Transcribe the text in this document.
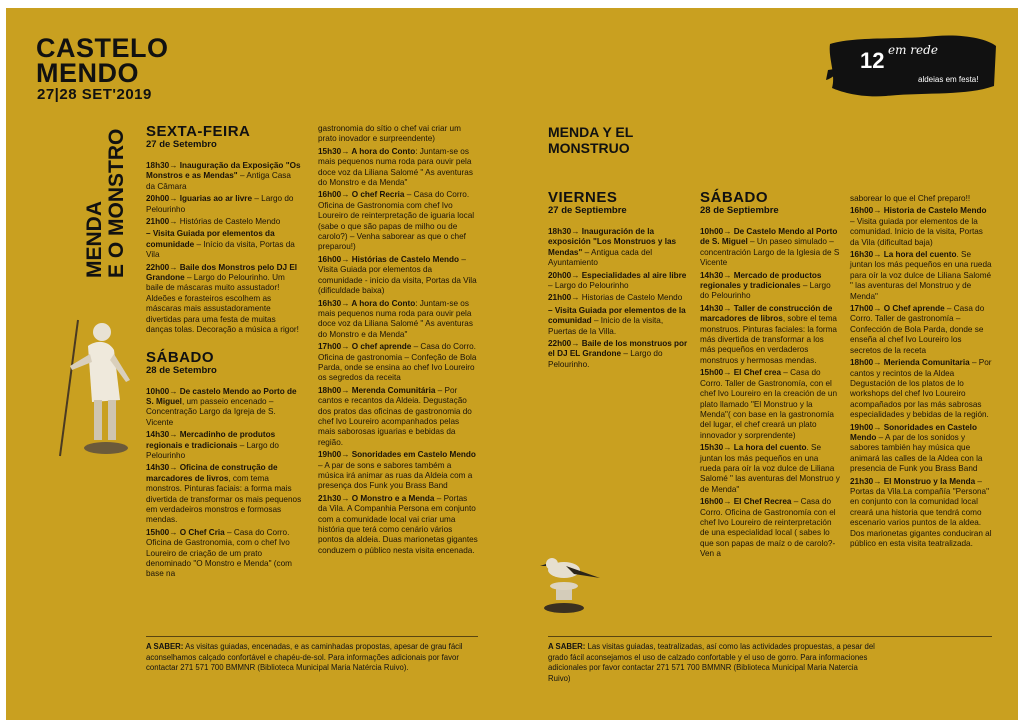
CASTELO
MENDO
27|28 SET'2019
12 em rede
aldeias em festa!
MENDA E O MONSTRO SEXTA-FEIRA
27 de Setembro

18h30→ Inauguração da Exposição "Os Monstros e as Mendas" – Antiga Casa da Câmara

20h00→ Iguarias ao ar livre – Largo do Pelourinho

21h00→ Histórias de Castelo Mendo

– Visita Guiada por elementos da comunidade – Início da visita, Portas da Vila

22h00→ Baile dos Monstros pelo DJ El Grandone – Largo do Pelourinho. Um baile de máscaras muito assustador! Aldeões e forasteiros escolhem as máscaras mais assustadoramente divertidas para uma festa de muitas danças tolas. Decoração a música a rigor!

SÁBADO
28 de Setembro

10h00→ De castelo Mendo ao Porto de S. Miguel, um passeio encenado – Concentração Largo da Igreja de S. Vicente

14h30→ Mercadinho de produtos regionais e tradicionais – Largo do Pelourinho

14h30→ Oficina de construção de marcadores de livros, com tema monstros. Pinturas faciais: a forma mais divertida de transformar os mais pequenos em verdadeiros monstros e formosas mendas.

15h00→ O Chef Cria – Casa do Corro. Oficina de Gastronomia, com o chef Ivo Loureiro de criação de um prato denominado "O Monstro e Menda" (com base na

gastronomia do sítio o chef vai criar um prato inovador e surpreendente)

15h30→ A hora do Conto: Juntam-se os mais pequenos numa roda para ouvir pela doce voz da Liliana Salomé " As aventuras do Monstro e da Menda"

16h00→ O chef Recria – Casa do Corro. Oficina de Gastronomia com chef Ivo Loureiro de reinterpretação de iguaria local (sabe o que são papas de milho ou de carolo?) – Venha saborear as que o chef preparou!)

16h00→ Histórias de Castelo Mendo – Visita Guiada por elementos da comunidade - início da visita, Portas da Vila (dificuldade baixa)

16h30→ A hora do Conto: Juntam-se os mais pequenos numa roda para ouvir pela doce voz da Liliana Salomé " As aventuras do Monstro e da Menda"

17h00→ O chef aprende – Casa do Corro. Oficina de gastronomia – Confeção de Bola Parda, onde se ensina ao chef Ivo Loureiro os segredos da receita

18h00→ Merenda Comunitária – Por cantos e recantos da Aldeia. Degustação dos pratos das oficinas de gastronomia do chef Ivo Loureiro acompanhados pelas mais saborosas iguarias e bebidas da região.

19h00→ Sonoridades em Castelo Mendo – A par de sons e sabores também a música irá animar as ruas da Aldeia com a presença dos Funk you Brass Band

21h30→ O Monstro e a Menda – Portas da Vila. A Companhia Persona em conjunto com a comunidade local vai criar uma história que terá como cenário vários pontos da aldeia. Duas marionetas gigantes conduzem o público nesta visita encenada.

A SABER: As visitas guiadas, encenadas, e as caminhadas propostas, apesar de grau fácil aconselhamos calçado confortável e chapéu-de-sol. Para informações adicionais por favor contactar 271 571 700 BMMNR (Biblioteca Municipal Maria Natércia Ruivo).
MENDA Y EL
MONSTRUO
VIERNES
27 de Septiembre

18h30→ Inauguración de la exposición "Los Monstruos y las Mendas" – Antigua cada del Ayuntamiento

20h00→ Especialidades al aire libre – Largo do Pelourinho

21h00→ Historias de Castelo Mendo

– Visita Guiada por elementos de la comunidad – Inicio de la visita, Puertas de la Villa.

22h00→ Baile de los monstruos por el DJ EL Grandone – Largo do Pelourinho.

SÁBADO
28 de Septiembre

10h00→ De Castelo Mendo al Porto de S. Miguel – Un paseo simulado – concentración Largo de la Iglesia de S Vicente

14h30→ Mercado de productos regionales y tradicionales – Largo do Pelourinho

14h30→ Taller de construcción de marcadores de libros, sobre el tema monstruos. Pinturas faciales: la forma más divertida de transformar a los más pequeños en verdaderos monstruos y hermosas mendas.

15h00→ El Chef crea – Casa do Corro. Taller de Gastronomía, con el chef Ivo Loureiro en la creación de un plato llamado "El Monstruo y la Menda"( con base en la gastronomía del lugar, el chef creará un plato innovador y sorprendente)

15h30→ La hora del cuento. Se juntan los más pequeños en una rueda para oír la voz dulce de Liliana Salomé " las aventuras del Monstruo y de Menda"

16h00→ El Chef Recrea – Casa do Corro. Oficina de Gastronomía con el chef Ivo Loureiro de reinterpretación de una especialidad local ( sabes lo que son papas de maíz o de carolo?- Ven a

saborear lo que el Chef preparo!!

16h00→ Historia de Castelo Mendo – Visita guiada por elementos de la comunidad. Inicio de la visita, Portas da Vila (dificultad baja)

16h30→ La hora del cuento. Se juntan los más pequeños en una rueda para oír la voz dulce de Liliana Salomé " las aventuras del Monstruo y de Menda"

17h00→ O Chef aprende – Casa do Corro. Taller de gastronomía – Confección de Bola Parda, donde se enseña al chef Ivo Loureiro los secretos de la receta

18h00→ Merienda Comunitaria – Por cantos y recintos de la Aldea Degustación de los platos de lo workshops del chef Ivo Loureiro acompañados por las más sabrosas especialidades y bebidas de la región.

19h00→ Sonoridades en Castelo Mendo – A par de los sonidos y sabores también hay música que animará las calles de la Aldea con la presencia de Funk you Brass Band

21h30→ El Monstruo y la Menda – Portas da Vila.La compañía "Persona" en conjunto con la comunidad local creará una historia que tendrá como escenario varios puntos de la aldea. Dos marionetas gigantes conduciran al público en esta visita teatralizada.

A SABER: Las visitas guiadas, teatralizadas, así como las actividades propuestas, a pesar del grado fácil aconsejamos el uso de calzado confortable y el uso de gorro. Para informaciones adicionales por favor contactar 271 571 700 BMMNR (Biblioteca Municipal Maria Natercia Ruivo)
